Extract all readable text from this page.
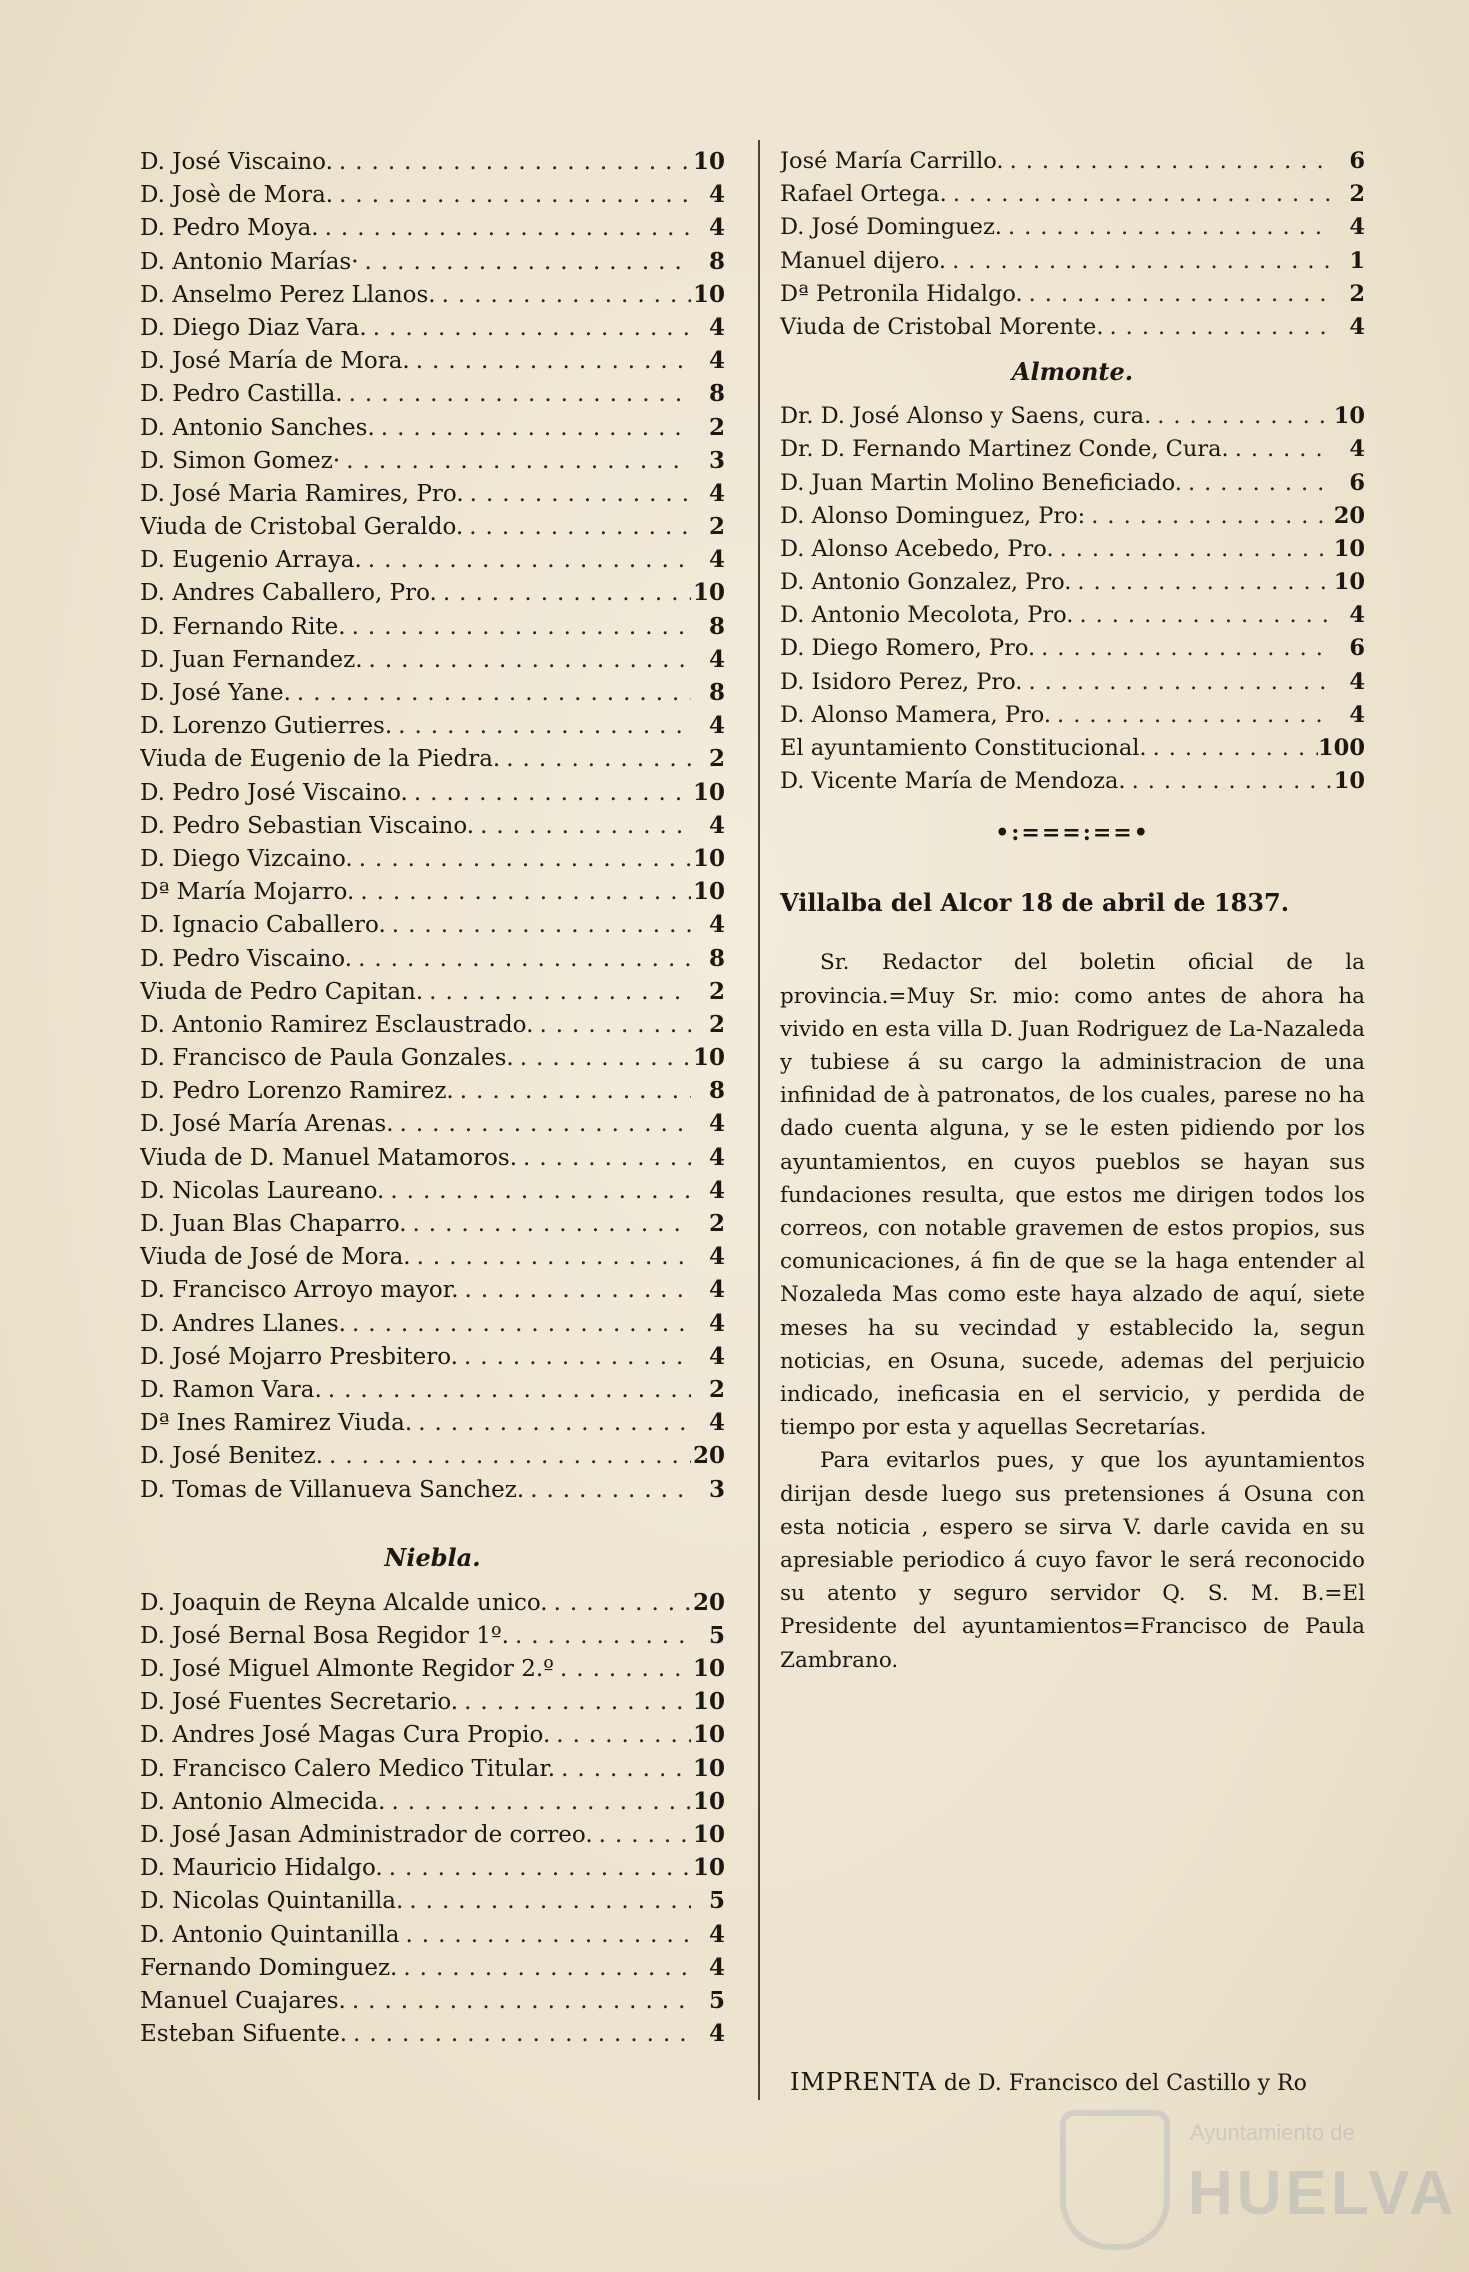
D. José Viscaino. .....	10
D. Josè de Mora. .....	4
D. Pedro Moya. .....	4
D. Antonio Marías· .....	8
D. Anselmo Perez Llanos. .....	10
D. Diego Diaz Vara. .....	4
D. José María de Mora. .....	4
D. Pedro Castilla. .....	8
D. Antonio Sanches. .....	2
D. Simon Gomez· .....	3
D. José Maria Ramires, Pro. .....	4
Viuda de Cristobal Geraldo. .....	2
D. Eugenio Arraya. .....	4
D. Andres Caballero, Pro. .....	10
D. Fernando Rite. .....	8
D. Juan Fernandez. .....	4
D. José Yane. .....	8
D. Lorenzo Gutierres. .....	4
Viuda de Eugenio de la Piedra. .....	2
D. Pedro José Viscaino. .....	10
D. Pedro Sebastian Viscaino. .....	4
D. Diego Vizcaino. .....	10
Dª María Mojarro. .....	10
D. Ignacio Caballero. .....	4
D. Pedro Viscaino. .....	8
Viuda de Pedro Capitan. .....	2
D. Antonio Ramirez Esclaustrado. .....	2
D. Francisco de Paula Gonzales. .....	10
D. Pedro Lorenzo Ramirez. .....	8
D. José María Arenas. .....	4
Viuda de D. Manuel Matamoros. .....	4
D. Nicolas Laureano. .....	4
D. Juan Blas Chaparro. .....	2
Viuda de José de Mora. .....	4
D. Francisco Arroyo mayor. .....	4
D. Andres Llanes. .....	4
D. José Mojarro Presbitero. .....	4
D. Ramon Vara. .....	2
Dª Ines Ramirez Viuda. .....	4
D. José Benitez. .....	20
D. Tomas de Villanueva Sanchez. .....	3
Niebla.
D. Joaquin de Reyna Alcalde unico. .....	20
D. José Bernal Bosa Regidor 1º. .....	5
D. José Miguel Almonte Regidor 2.º .....	10
D. José Fuentes Secretario. .....	10
D. Andres José Magas Cura Propio. .....	10
D. Francisco Calero Medico Titular. .....	10
D. Antonio Almecida. .....	10
D. José Jasan Administrador de correo. .....	10
D. Mauricio Hidalgo. .....	10
D. Nicolas Quintanilla. .....	5
D. Antonio Quintanilla .....	4
Fernando Dominguez. .....	4
Manuel Cuajares. .....	5
Esteban Sifuente. .....	4
José María Carrillo. .....	6
Rafael Ortega. .....	2
D. José Dominguez. .....	4
Manuel dijero. .....	1
Dª Petronila Hidalgo. .....	2
Viuda de Cristobal Morente. .....	4
Almonte.
Dr. D. José Alonso y Saens, cura. .....	10
Dr. D. Fernando Martinez Conde, Cura. .....	4
D. Juan Martin Molino Beneficiado. .....	6
D. Alonso Dominguez, Pro: .....	20
D. Alonso Acebedo, Pro. .....	10
D. Antonio Gonzalez, Pro. .....	10
D. Antonio Mecolota, Pro. .....	4
D. Diego Romero, Pro. .....	6
D. Isidoro Perez, Pro. .....	4
D. Alonso Mamera, Pro. .....	4
El ayuntamiento Constitucional. .....	100
D. Vicente María de Mendoza. .....	10
•:===:==•
Villalba del Alcor 18 de abril de 1837.

Sr. Redactor del boletin oficial de la provincia.=Muy Sr. mio: como antes de ahora ha vivido en esta villa D. Juan Rodriguez de La-Nazaleda y tubiese á su cargo la administracion de una infinidad de à patronatos, de los cuales, parese no ha dado cuenta alguna, y se le esten pidiendo por los ayuntamientos, en cuyos pueblos se hayan sus fundaciones resulta, que estos me dirigen todos los correos, con notable gravemen de estos propios, sus comunicaciones, á fin de que se la haga entender al Nozaleda Mas como este haya alzado de aquí, siete meses ha su vecindad y establecido la, segun noticias, en Osuna, sucede, ademas del perjuicio indicado, ineficasia en el servicio, y perdida de tiempo por esta y aquellas Secretarías.

Para evitarlos pues, y que los ayuntamientos dirijan desde luego sus pretensiones á Osuna con esta noticia , espero se sirva V. darle cavida en su apresiable periodico á cuyo favor le será reconocido su atento y seguro servidor Q. S. M. B.=El Presidente del ayuntamientos=Francisco de Paula Zambrano.

IMPRENTA de D. Francisco del Castillo y Ro
Ayuntamiento de
HUELVA
